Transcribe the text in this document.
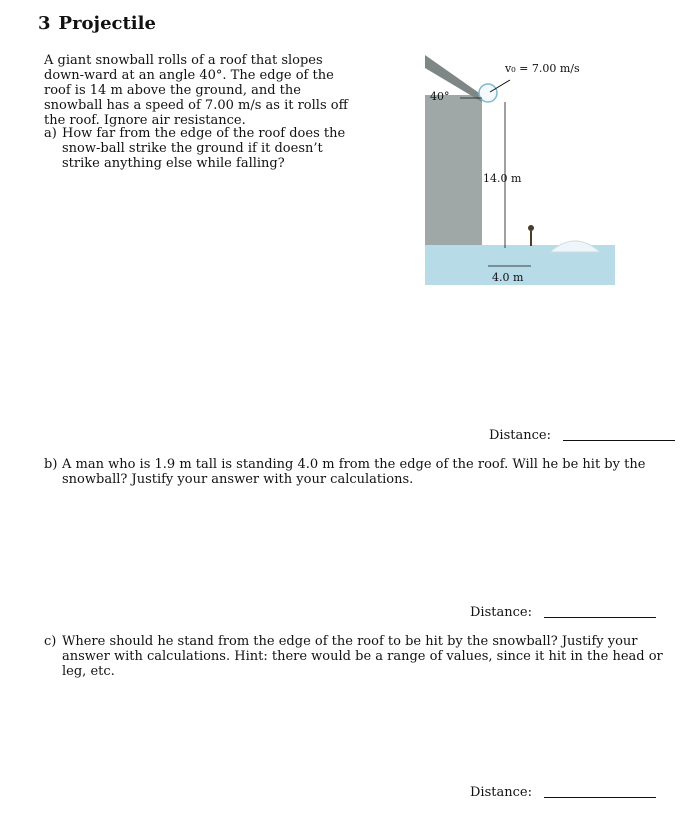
3 Projectile
A giant snowball rolls of a roof that slopes down-ward at an angle 40°. The edge of the roof is 14 m above the ground, and the snowball has a speed of 7.00 m/s as it rolls off the roof. Ignore air resistance.
40°
v₀ = 7.00 m/s
14.0 m
4.0 m
a) How far from the edge of the roof does the snow-ball strike the ground if it doesn’t strike anything else while falling?
Distance:
b) A man who is 1.9 m tall is standing 4.0 m from the edge of the roof. Will he be hit by the snowball? Justify your answer with your calculations.
Distance:
c) Where should he stand from the edge of the roof to be hit by the snowball? Justify your answer with calculations. Hint: there would be a range of values, since it hit in the head or leg, etc.
Distance:
